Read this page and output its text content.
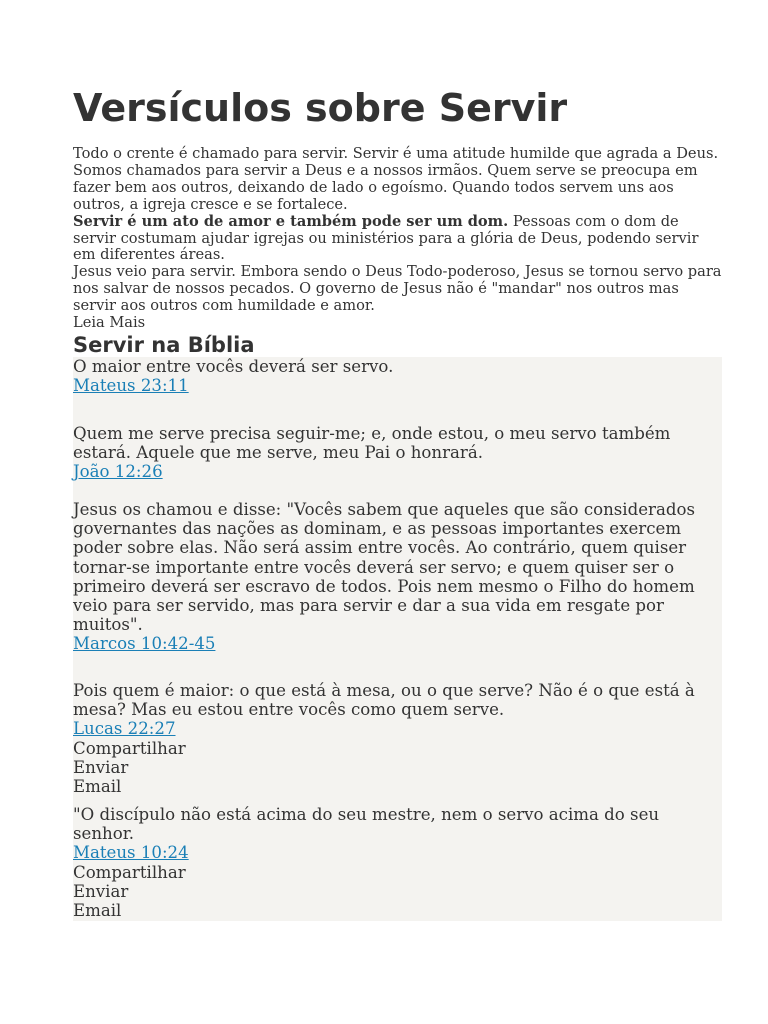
Versículos sobre Servir

Todo o crente é chamado para servir. Servir é uma atitude humilde que agrada a Deus. Somos chamados para servir a Deus e a nossos irmãos. Quem serve se preocupa em fazer bem aos outros, deixando de lado o egoísmo. Quando todos servem uns aos outros, a igreja cresce e se fortalece.

Servir é um ato de amor e também pode ser um dom. Pessoas com o dom de servir costumam ajudar igrejas ou ministérios para a glória de Deus, podendo servir em diferentes áreas.

Jesus veio para servir. Embora sendo o Deus Todo-poderoso, Jesus se tornou servo para nos salvar de nossos pecados. O governo de Jesus não é "mandar" nos outros mas servir aos outros com humildade e amor.

Leia Mais
Servir na Bíblia

O maior entre vocês deverá ser servo.

Mateus 23:11

Quem me serve precisa seguir-me; e, onde estou, o meu servo também estará. Aquele que me serve, meu Pai o honrará.

João 12:26

Jesus os chamou e disse: "Vocês sabem que aqueles que são considerados governantes das nações as dominam, e as pessoas importantes exercem poder sobre elas. Não será assim entre vocês. Ao contrário, quem quiser tornar-se importante entre vocês deverá ser servo; e quem quiser ser o primeiro deverá ser escravo de todos. Pois nem mesmo o Filho do homem veio para ser servido, mas para servir e dar a sua vida em resgate por muitos".

Marcos 10:42-45

Pois quem é maior: o que está à mesa, ou o que serve? Não é o que está à mesa? Mas eu estou entre vocês como quem serve.

Lucas 22:27
Compartilhar
Enviar
Email

"O discípulo não está acima do seu mestre, nem o servo acima do seu senhor.

Mateus 10:24
Compartilhar
Enviar
Email
